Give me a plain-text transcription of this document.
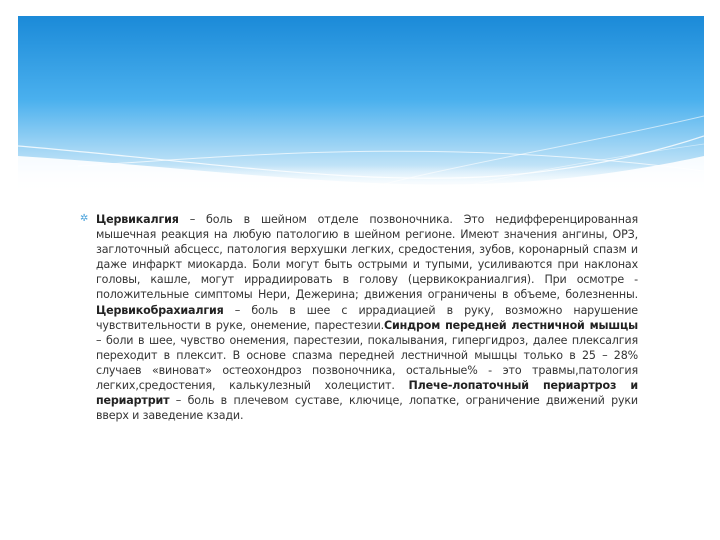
✲ Цервикалгия – боль в шейном отделе позвоночника. Это недифференцированная мышечная реакция на любую патологию в шейном регионе. Имеют значения ангины, ОРЗ, заглоточный абсцесс, патология верхушки легких, средостения, зубов, коронарный спазм и даже инфаркт миокарда. Боли могут быть острыми и тупыми, усиливаются при наклонах головы, кашле, могут иррадиировать в голову (цервикокраниалгия). При осмотре - положительные симптомы Нери, Дежерина; движения ограничены в объеме, болезненны. Цервикобрахиалгия – боль в шее с иррадиацией в руку, возможно нарушение чувствительности в руке, онемение, парестезии.Синдром передней лестничной мышцы – боли в шее, чувство онемения, парестезии, покалывания, гипергидроз, далее плексалгия переходит в плексит. В основе спазма передней лестничной мышцы только в 25 – 28% случаев «виноват» остеохондроз позвоночника, остальные% - это травмы,патология легких,средостения, калькулезный холецистит. Плече-лопаточный периартроз и периартрит – боль в плечевом суставе, ключице, лопатке, ограничение движений руки вверх и заведение кзади.
